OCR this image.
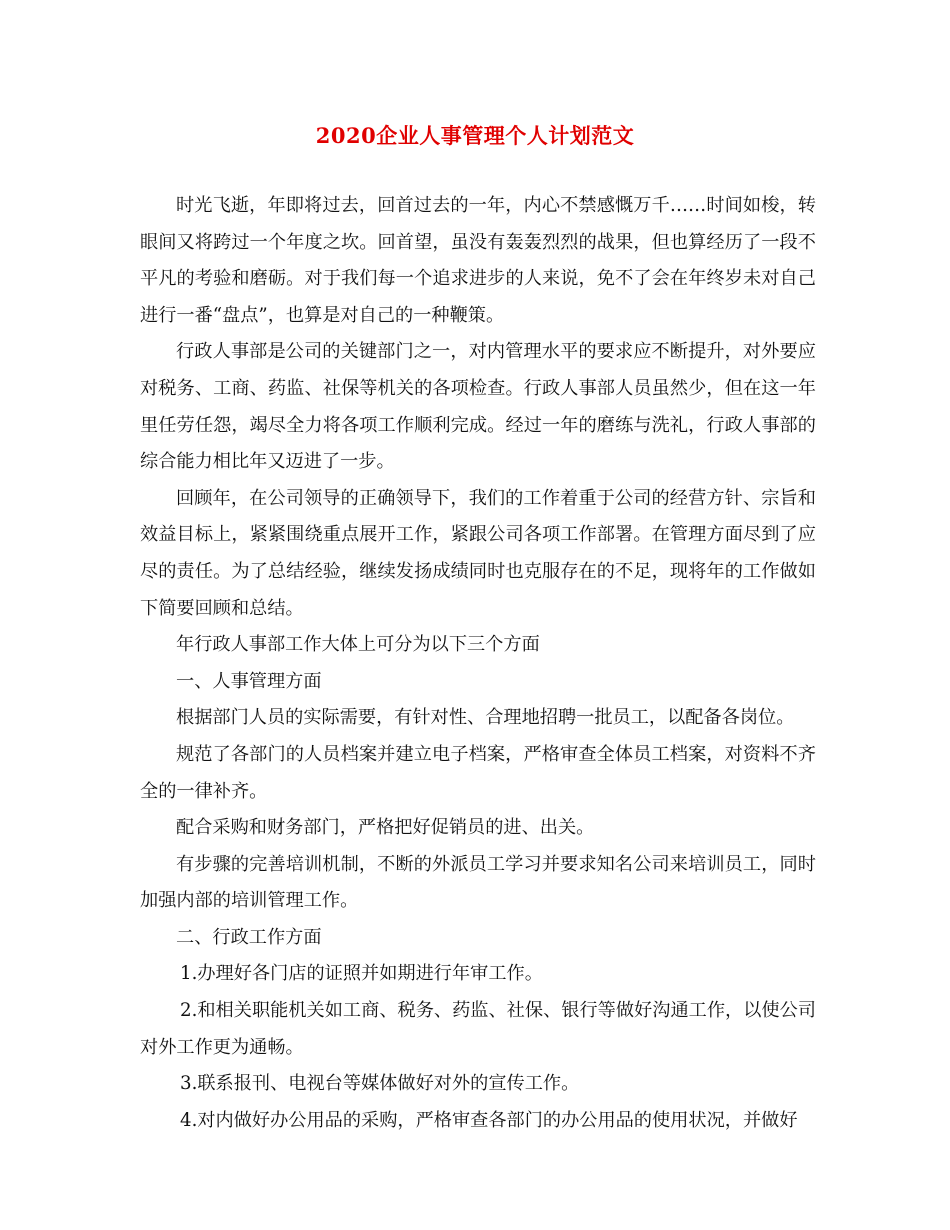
2020企业人事管理个人计划范文

时光飞逝，年即将过去，回首过去的一年，内心不禁感慨万千……时间如梭，转眼间又将跨过一个年度之坎。回首望，虽没有轰轰烈烈的战果，但也算经历了一段不平凡的考验和磨砺。对于我们每一个追求进步的人来说，免不了会在年终岁未对自己进行一番“盘点”，也算是对自己的一种鞭策。

行政人事部是公司的关键部门之一，对内管理水平的要求应不断提升，对外要应对税务、工商、药监、社保等机关的各项检查。行政人事部人员虽然少，但在这一年里任劳任怨，竭尽全力将各项工作顺利完成。经过一年的磨练与洗礼，行政人事部的综合能力相比年又迈进了一步。

回顾年，在公司领导的正确领导下，我们的工作着重于公司的经营方针、宗旨和效益目标上，紧紧围绕重点展开工作，紧跟公司各项工作部署。在管理方面尽到了应尽的责任。为了总结经验，继续发扬成绩同时也克服存在的不足，现将年的工作做如下简要回顾和总结。

年行政人事部工作大体上可分为以下三个方面

一、人事管理方面

根据部门人员的实际需要，有针对性、合理地招聘一批员工，以配备各岗位。

规范了各部门的人员档案并建立电子档案，严格审查全体员工档案，对资料不齐全的一律补齐。

配合采购和财务部门，严格把好促销员的进、出关。

有步骤的完善培训机制，不断的外派员工学习并要求知名公司来培训员工，同时加强内部的培训管理工作。

二、行政工作方面

1.办理好各门店的证照并如期进行年审工作。

2.和相关职能机关如工商、税务、药监、社保、银行等做好沟通工作，以使公司对外工作更为通畅。

3.联系报刊、电视台等媒体做好对外的宣传工作。

4.对内做好办公用品的采购，严格审查各部门的办公用品的使用状况，并做好
